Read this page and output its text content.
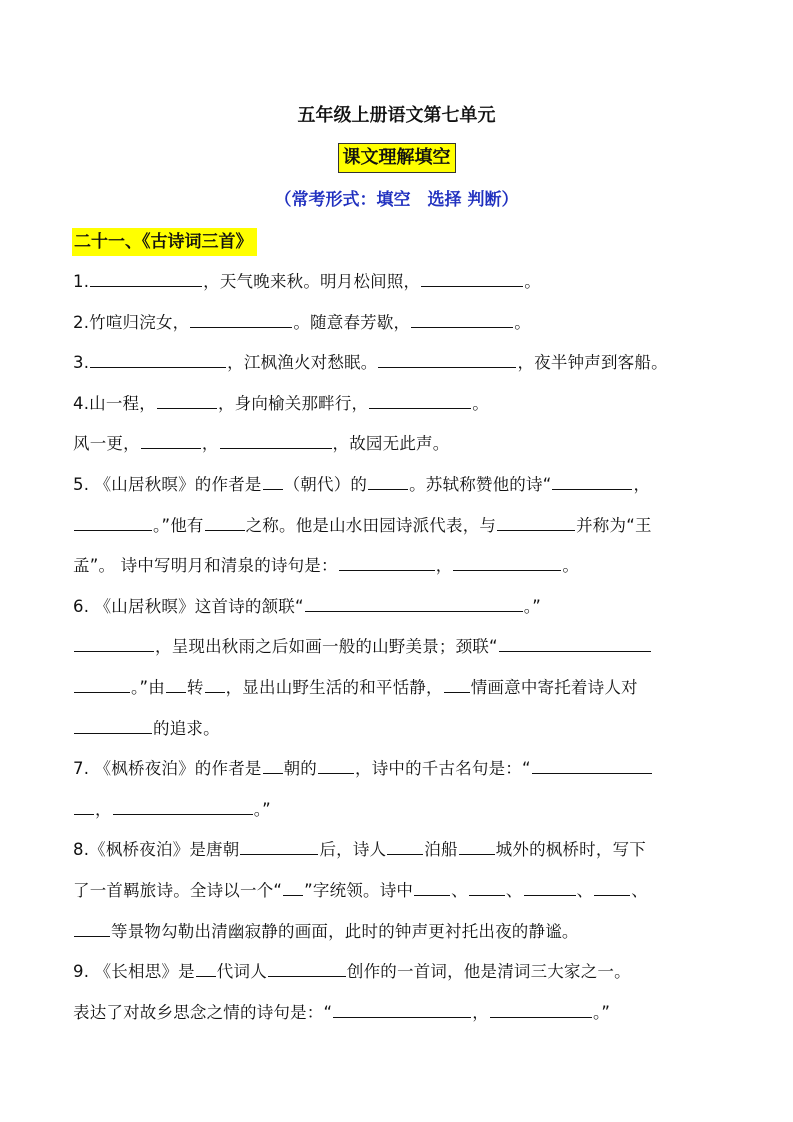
五年级上册语文第七单元
课文理解填空
（常考形式：填空　选择 判断）
二十一、《古诗词三首》
1.	，天气晚来秋。明月松间照，	。
2.竹喧归浣女，	。随意春芳歇，	。
3.	，江枫渔火对愁眠。	，夜半钟声到客船。
4.山一程，	，身向榆关那畔行，	。
风一更，	，	，故园无此声。
5. 《山居秋暝》的作者是 （朝代）的	。苏轼称赞他的诗“	，
。”他有	之称。他是山水田园诗派代表，与	并称为“王
孟”。 诗中写明月和清泉的诗句是：	，	。
6. 《山居秋暝》这首诗的颔联“	。”
，呈现出秋雨之后如画一般的山野美景；颈联“
。”由 转 ，显出山野生活的和平恬静， 情画意中寄托着诗人对
的追求。
7. 《枫桥夜泊》的作者是 朝的 ，诗中的千古名句是：“
，	。”
8.《枫桥夜泊》是唐朝	后，诗人 泊船 城外的枫桥时，写下
了一首羁旅诗。全诗以一个“ ”字统领。诗中 、 、	、 、
等景物勾勒出清幽寂静的画面，此时的钟声更衬托出夜的静谧。
9. 《长相思》是 代词人	创作的一首词，他是清词三大家之一。
表达了对故乡思念之情的诗句是：“	，	。”
